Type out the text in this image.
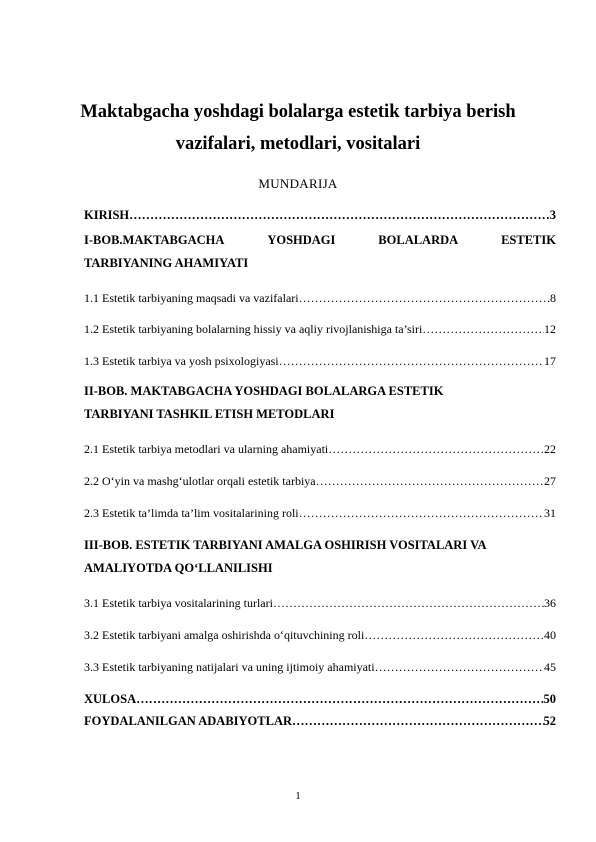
Maktabgacha yoshdagi bolalarga estetik tarbiya berish
vazifalari, metodlari, vositalari
MUNDARIJA
KIRISH ………………………………………………………………………………………………………………………………………………………………………………………………	3
I-BOB.MAKTABGACHA	YOSHDAGI	BOLALARDA	ESTETIK
TARBIYANING AHAMIYATI
1.1 Estetik tarbiyaning maqsadi va vazifalari ………………………………………………………………………………………………………………………………………………………………………………………………	8
1.2 Estetik tarbiyaning bolalarning hissiy va aqliy rivojlanishiga ta’siri ………………………………………………………………………………………………………………………………………………………………………………………………	12
1.3 Estetik tarbiya va yosh psixologiyasi ………………………………………………………………………………………………………………………………………………………………………………………………	17
II-BOB. MAKTABGACHA YOSHDAGI BOLALARGA ESTETIK
TARBIYANI TASHKIL ETISH METODLARI
2.1 Estetik tarbiya metodlari va ularning ahamiyati ………………………………………………………………………………………………………………………………………………………………………………………………	22
2.2 O‘yin va mashg‘ulotlar orqali estetik tarbiya ………………………………………………………………………………………………………………………………………………………………………………………………	27
2.3 Estetik ta’limda ta’lim vositalarining roli ………………………………………………………………………………………………………………………………………………………………………………………………	31
III-BOB. ESTETIK TARBIYANI AMALGA OSHIRISH VOSITALARI VA
AMALIYOTDA QO‘LLANILISHI
3.1 Estetik tarbiya vositalarining turlari ………………………………………………………………………………………………………………………………………………………………………………………………	36
3.2 Estetik tarbiyani amalga oshirishda o‘qituvchining roli ………………………………………………………………………………………………………………………………………………………………………………………………	40
3.3 Estetik tarbiyaning natijalari va uning ijtimoiy ahamiyati ………………………………………………………………………………………………………………………………………………………………………………………………	45
XULOSA ………………………………………………………………………………………………………………………………………………………………………………………………	50
FOYDALANILGAN ADABIYOTLAR ………………………………………………………………………………………………………………………………………………………………………………………………	52
1
